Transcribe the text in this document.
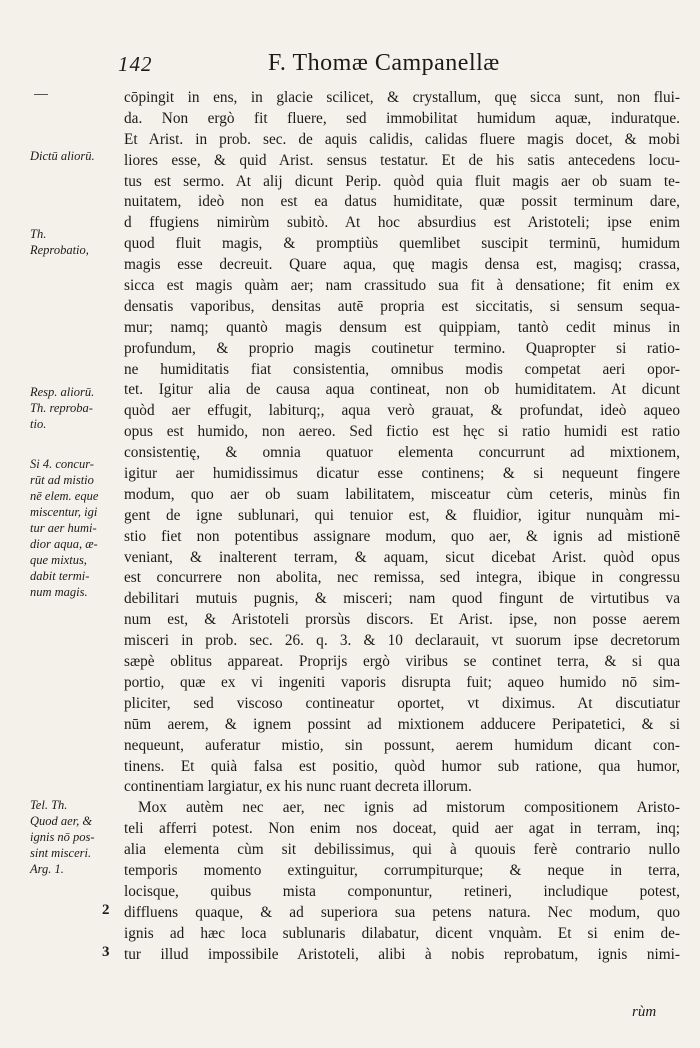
142	F. Thomæ Campanellæ
Dictū aliorū.
Th.
Reprobatio,
Resp. aliorū.
Th. reproba-
tio.
Si 4. concur-
rūt ad mistio
nē elem. eque
miscentur, igi
tur aer humi-
dior aqua, æ-
que mixtus,
dabit termi-
num magis.
Tel. Th.
Quod aer, &
ignis nō pos-
sint misceri.
Arg. 1.
2
3
cōpingit in ens, in glacie scilicet, & crystallum, quę sicca sunt, non flui-
da. Non ergò fit fluere, sed immobilitat humidum aquæ, induratque.
Et Arist. in prob. sec. de aquis calidis, calidas fluere magis docet, & mobi
liores esse, & quid Arist. sensus testatur. Et de his satis antecedens locu-
tus est sermo. At alij dicunt Perip. quòd quia fluit magis aer ob suam te-
nuitatem, ideò non est ea datus humiditate, quæ possit terminum dare,
d ffugiens nimirùm subitò. At hoc absurdius est Aristoteli; ipse enim
quod fluit magis, & promptiùs quemlibet suscipit terminū, humidum
magis esse decreuit. Quare aqua, quę magis densa est, magisq; crassa,
sicca est magis quàm aer; nam crassitudo sua fit à densatione; fit enim ex
densatis vaporibus, densitas autē propria est siccitatis, si sensum sequa-
mur; namq; quantò magis densum est quippiam, tantò cedit minus in
profundum, & proprio magis coutinetur termino. Quapropter si ratio-
ne humiditatis fiat consistentia, omnibus modis competat aeri opor-
tet. Igitur alia de causa aqua contineat, non ob humiditatem. At dicunt
quòd aer effugit, labiturq;, aqua verò grauat, & profundat, ideò aqueo
opus est humido, non aereo. Sed fictio est hęc si ratio humidi est ratio
consistentię, & omnia quatuor elementa concurrunt ad mixtionem,
igitur aer humidissimus dicatur esse continens; & si nequeunt fingere
modum, quo aer ob suam labilitatem, misceatur cùm ceteris, minùs fin
gent de igne sublunari, qui tenuior est, & fluidior, igitur nunquàm mi-
stio fiet non potentibus assignare modum, quo aer, & ignis ad mistionē
veniant, & inalterent terram, & aquam, sicut dicebat Arist. quòd opus
est concurrere non abolita, nec remissa, sed integra, ibique in congressu
debilitari mutuis pugnis, & misceri; nam quod fingunt de virtutibus va
num est, & Aristoteli prorsùs discors. Et Arist. ipse, non posse aerem
misceri in prob. sec. 26. q. 3. & 10 declarauit, vt suorum ipse decretorum
sæpè oblitus appareat. Proprijs ergò viribus se continet terra, & si qua
portio, quæ ex vi ingeniti vaporis disrupta fuit; aqueo humido nō sim-
pliciter, sed viscoso contineatur oportet, vt diximus. At discutiatur
nūm aerem, & ignem possint ad mixtionem adducere Peripatetici, & si
nequeunt, auferatur mistio, sin possunt, aerem humidum dicant con-
tinens. Et quià falsa est positio, quòd humor sub ratione, qua humor,
continentiam largiatur, ex his nunc ruant decreta illorum.
Mox autèm nec aer, nec ignis ad mistorum compositionem Aristo-
teli afferri potest. Non enim nos doceat, quid aer agat in terram, inq;
alia elementa cùm sit debilissimus, qui à quouis ferè contrario nullo
temporis momento extinguitur, corrumpiturque; & neque in terra,
locisque, quibus mista componuntur, retineri, includique potest,
diffluens quaque, & ad superiora sua petens natura. Nec modum, quo
ignis ad hæc loca sublunaris dilabatur, dicent vnquàm. Et si enim de-
tur illud impossibile Aristoteli, alibi à nobis reprobatum, ignis nimi-
rùm
